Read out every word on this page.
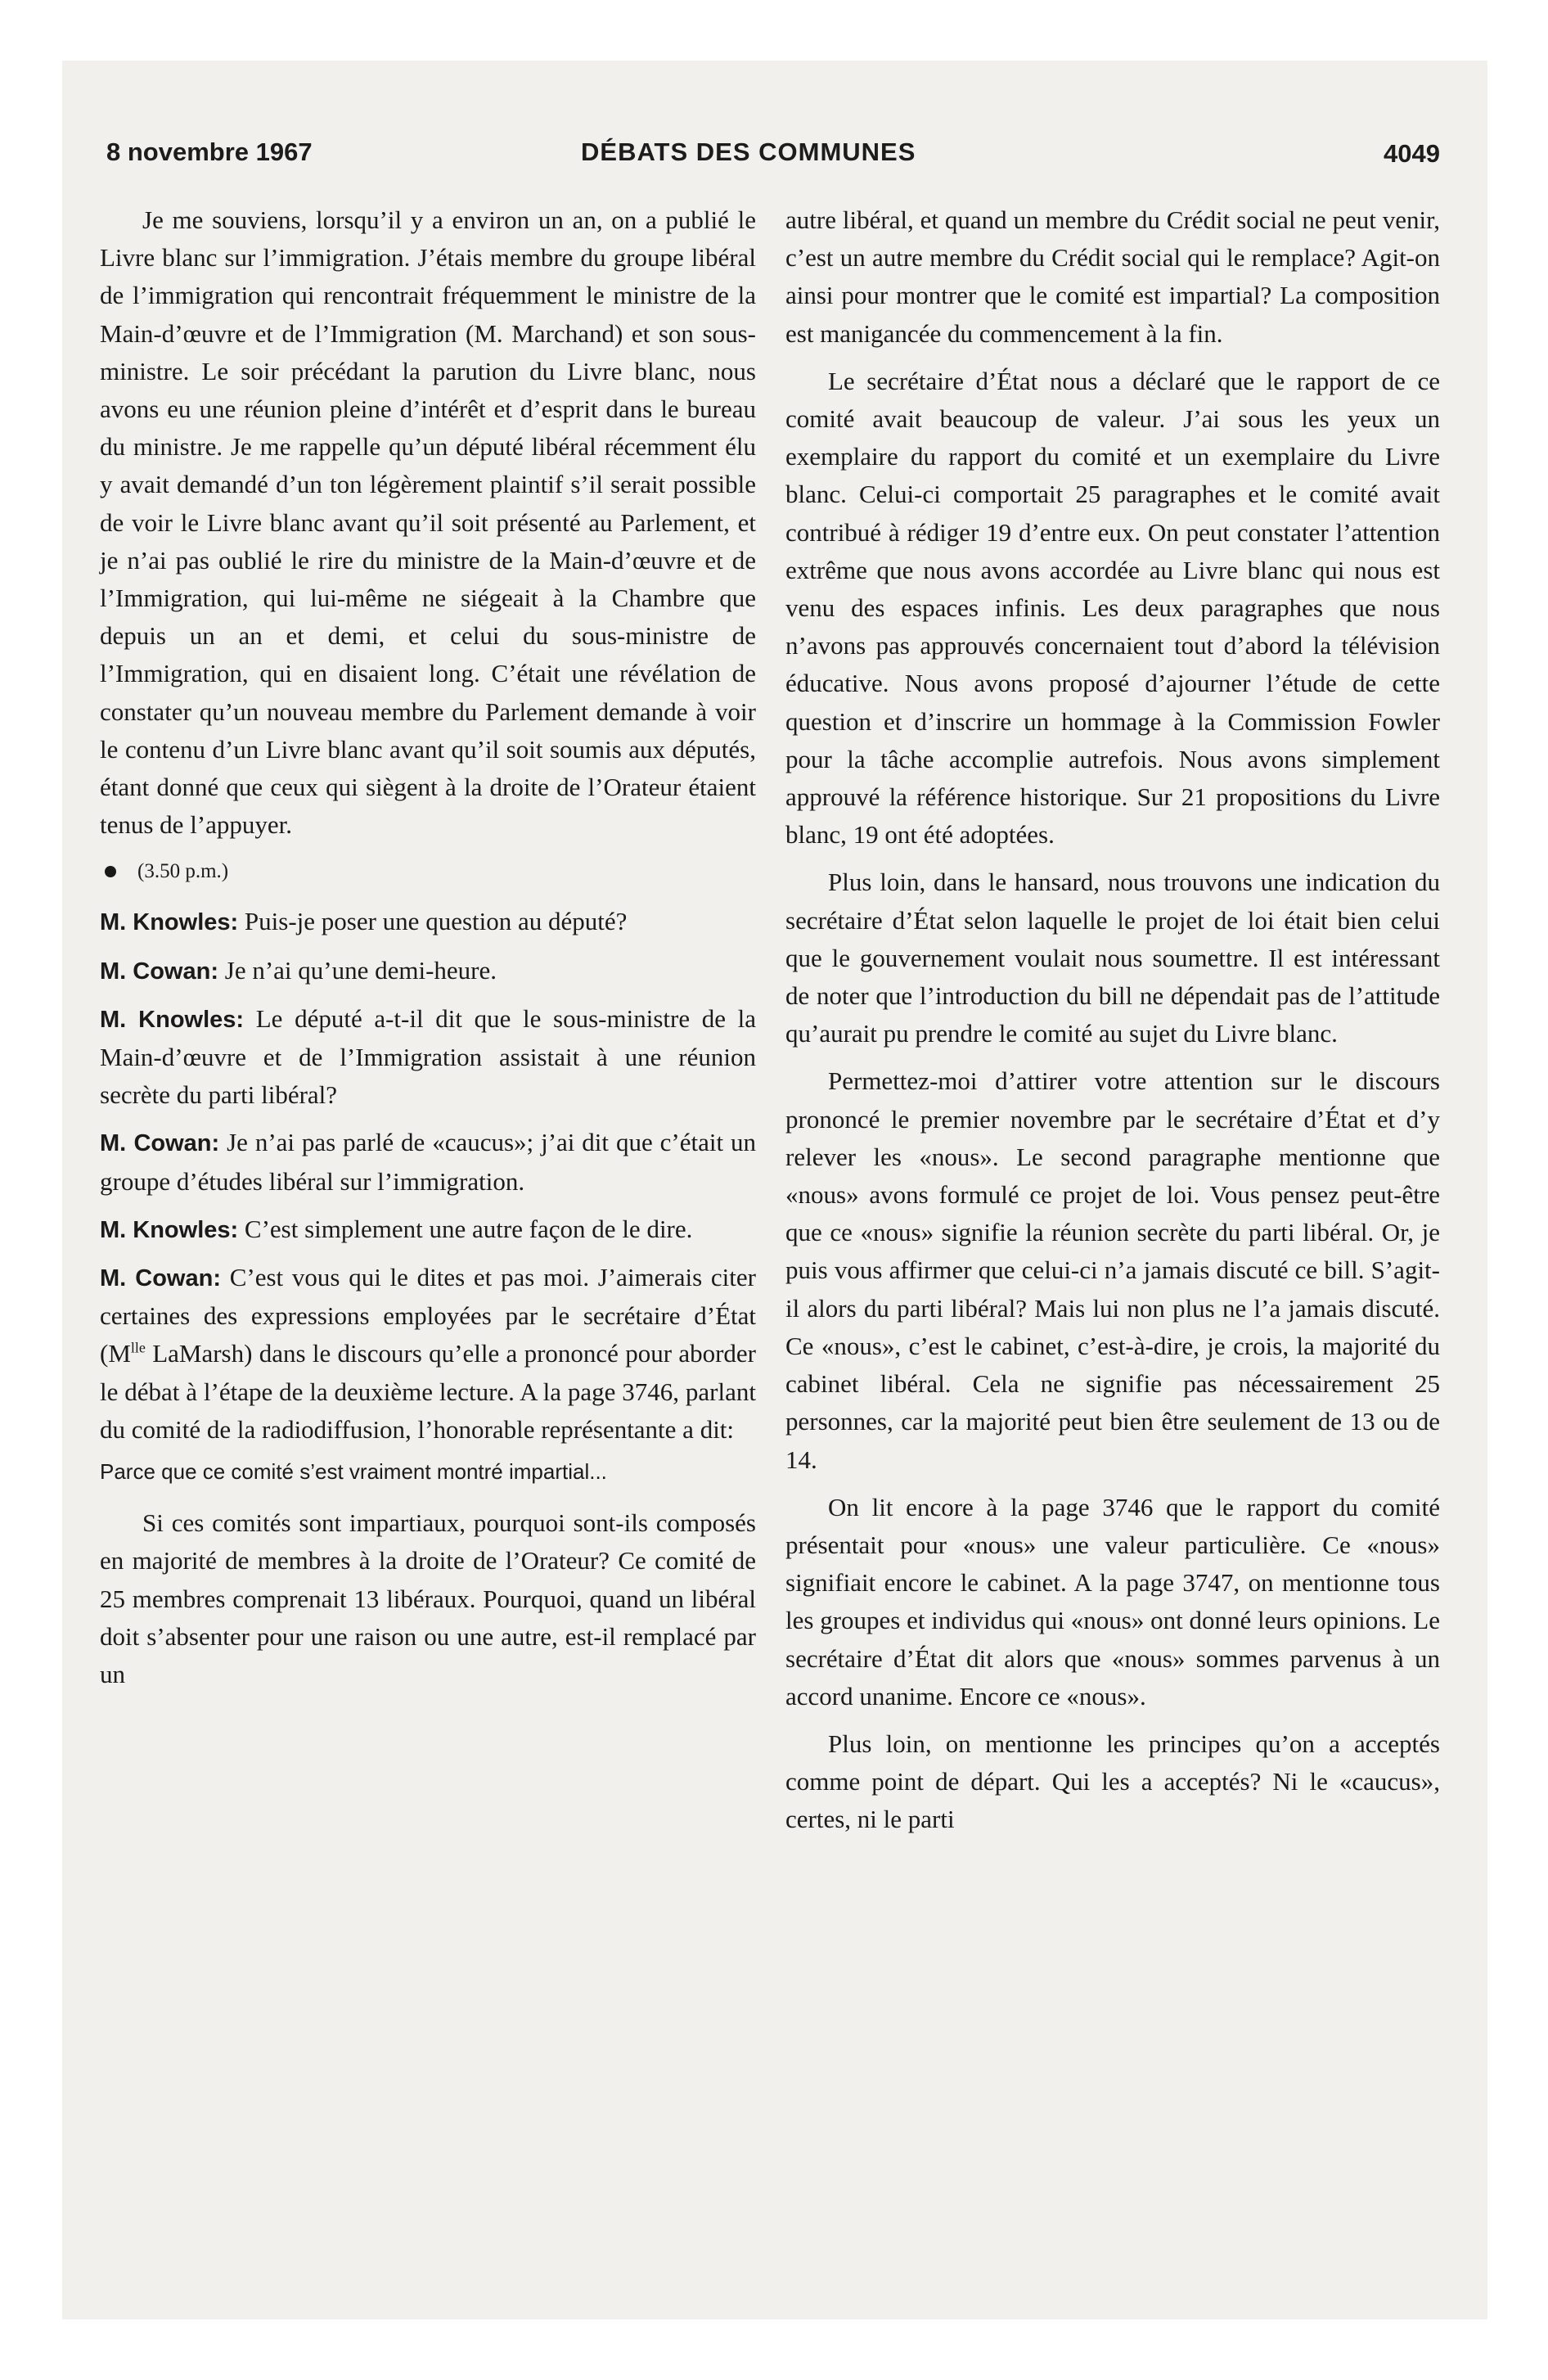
8 novembre 1967	DÉBATS DES COMMUNES	4049

Je me souviens, lorsqu’il y a environ un an, on a publié le Livre blanc sur l’immigration. J’étais membre du groupe libéral de l’immigration qui rencontrait fréquemment le ministre de la Main-d’œuvre et de l’Immigration (M. Marchand) et son sous-ministre. Le soir précédant la parution du Livre blanc, nous avons eu une réunion pleine d’intérêt et d’esprit dans le bureau du ministre. Je me rappelle qu’un député libéral récemment élu y avait demandé d’un ton légèrement plaintif s’il serait possible de voir le Livre blanc avant qu’il soit présenté au Parlement, et je n’ai pas oublié le rire du ministre de la Main-d’œuvre et de l’Immigration, qui lui-même ne siégeait à la Chambre que depuis un an et demi, et celui du sous-ministre de l’Immigration, qui en disaient long. C’était une révélation de constater qu’un nouveau membre du Parlement demande à voir le contenu d’un Livre blanc avant qu’il soit soumis aux députés, étant donné que ceux qui siègent à la droite de l’Orateur étaient tenus de l’appuyer.

(3.50 p.m.)

M. Knowles: Puis-je poser une question au député?

M. Cowan: Je n’ai qu’une demi-heure.

M. Knowles: Le député a-t-il dit que le sous-ministre de la Main-d’œuvre et de l’Immigration assistait à une réunion secrète du parti libéral?

M. Cowan: Je n’ai pas parlé de «caucus»; j’ai dit que c’était un groupe d’études libéral sur l’immigration.

M. Knowles: C’est simplement une autre façon de le dire.

M. Cowan: C’est vous qui le dites et pas moi. J’aimerais citer certaines des expressions employées par le secrétaire d’État ($M^{lle}$ LaMarsh) dans le discours qu’elle a prononcé pour aborder le débat à l’étape de la deuxième lecture. A la page 3746, parlant du comité de la radiodiffusion, l’honorable représentante a dit:

Parce que ce comité s’est vraiment montré impartial...

Si ces comités sont impartiaux, pourquoi sont-ils composés en majorité de membres à la droite de l’Orateur? Ce comité de 25 membres comprenait 13 libéraux. Pourquoi, quand un libéral doit s’absenter pour une raison ou une autre, est-il remplacé par un

autre libéral, et quand un membre du Crédit social ne peut venir, c’est un autre membre du Crédit social qui le remplace? Agit-on ainsi pour montrer que le comité est impartial? La composition est manigancée du commencement à la fin.

Le secrétaire d’État nous a déclaré que le rapport de ce comité avait beaucoup de valeur. J’ai sous les yeux un exemplaire du rapport du comité et un exemplaire du Livre blanc. Celui-ci comportait 25 paragraphes et le comité avait contribué à rédiger 19 d’entre eux. On peut constater l’attention extrême que nous avons accordée au Livre blanc qui nous est venu des espaces infinis. Les deux paragraphes que nous n’avons pas approuvés concernaient tout d’abord la télévision éducative. Nous avons proposé d’ajourner l’étude de cette question et d’inscrire un hommage à la Commission Fowler pour la tâche accomplie autrefois. Nous avons simplement approuvé la référence historique. Sur 21 propositions du Livre blanc, 19 ont été adoptées.

Plus loin, dans le hansard, nous trouvons une indication du secrétaire d’État selon laquelle le projet de loi était bien celui que le gouvernement voulait nous soumettre. Il est intéressant de noter que l’introduction du bill ne dépendait pas de l’attitude qu’aurait pu prendre le comité au sujet du Livre blanc.

Permettez-moi d’attirer votre attention sur le discours prononcé le premier novembre par le secrétaire d’État et d’y relever les «nous». Le second paragraphe mentionne que «nous» avons formulé ce projet de loi. Vous pensez peut-être que ce «nous» signifie la réunion secrète du parti libéral. Or, je puis vous affirmer que celui-ci n’a jamais discuté ce bill. S’agit-il alors du parti libéral? Mais lui non plus ne l’a jamais discuté. Ce «nous», c’est le cabinet, c’est-à-dire, je crois, la majorité du cabinet libéral. Cela ne signifie pas nécessairement 25 personnes, car la majorité peut bien être seulement de 13 ou de 14.

On lit encore à la page 3746 que le rapport du comité présentait pour «nous» une valeur particulière. Ce «nous» signifiait encore le cabinet. A la page 3747, on mentionne tous les groupes et individus qui «nous» ont donné leurs opinions. Le secrétaire d’État dit alors que «nous» sommes parvenus à un accord unanime. Encore ce «nous».

Plus loin, on mentionne les principes qu’on a acceptés comme point de départ. Qui les a acceptés? Ni le «caucus», certes, ni le parti
